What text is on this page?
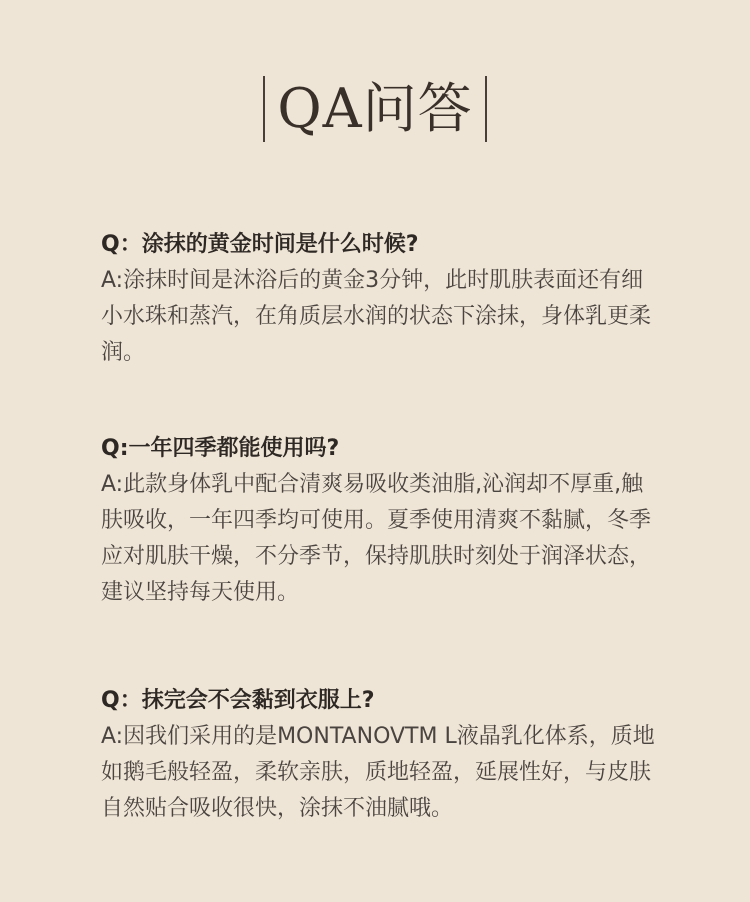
QA问答
Q：涂抹的黄金时间是什么时候?

A:涂抹时间是沐浴后的黄金3分钟，此时肌肤表面还有细小水珠和蒸汽，在角质层水润的状态下涂抹，身体乳更柔润。

Q:一年四季都能使用吗?

A:此款身体乳中配合清爽易吸收类油脂,沁润却不厚重,触肤吸收，一年四季均可使用。夏季使用清爽不黏腻，冬季应对肌肤干燥，不分季节，保持肌肤时刻处于润泽状态，建议坚持每天使用。

Q：抹完会不会黏到衣服上?

A:因我们采用的是MONTANOVTM L液晶乳化体系，质地如鹅毛般轻盈，柔软亲肤，质地轻盈，延展性好，与皮肤自然贴合吸收很快，涂抹不油腻哦。
